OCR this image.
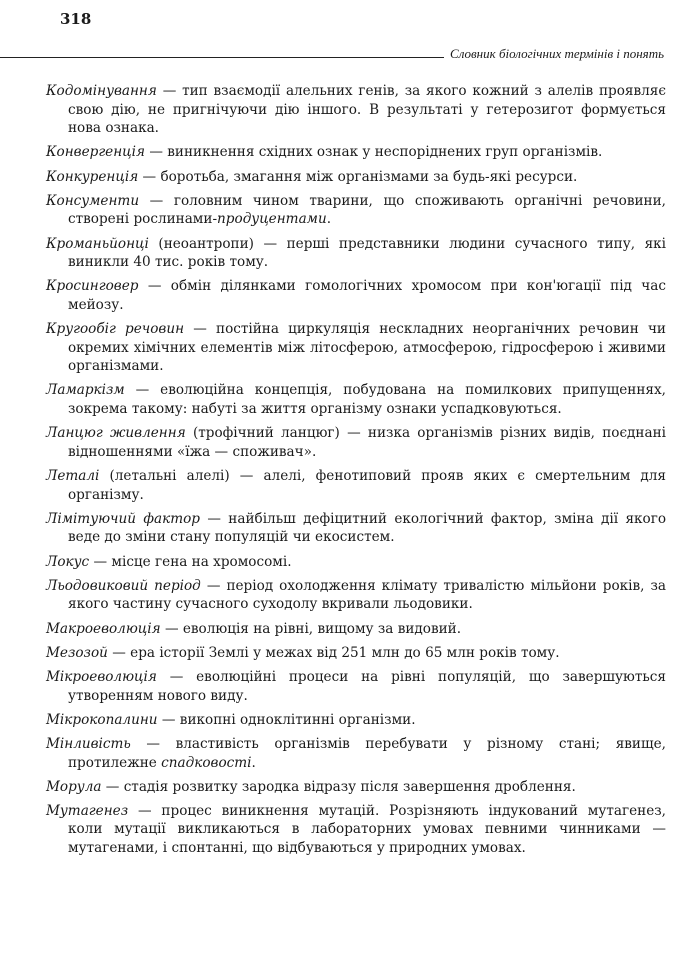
318
Словник біологічних термінів і понять

Кодомінування — тип взаємодії алельних генів, за якого кожний з алелів проявляє свою дію, не пригнічуючи дію іншого. В результаті у гетерозигот формується нова ознака.

Конвергенція — виникнення східних ознак у неспоріднених груп організмів.

Конкуренція — боротьба, змагання між організмами за будь-які ресурси.

Консументи — головним чином тварини, що споживають органічні речовини, створені рослинами-продуцентами.

Кроманьйонці (неоантропи) — перші представники людини сучасного типу, які виникли 40 тис. років тому.

Кросинговер — обмін ділянками гомологічних хромосом при кон'югації під час мейозу.

Кругообіг речовин — постійна циркуляція нескладних неорганічних речовин чи окремих хімічних елементів між літосферою, атмосферою, гідросферою і живими організмами.

Ламаркізм — еволюційна концепція, побудована на помилкових припущеннях, зокрема такому: набуті за життя організму ознаки успадковуються.

Ланцюг живлення (трофічний ланцюг) — низка організмів різних видів, поєднані відношеннями «їжа — споживач».

Леталі (летальні алелі) — алелі, фенотиповий прояв яких є смертельним для організму.

Лімітуючий фактор — найбільш дефіцитний екологічний фактор, зміна дії якого веде до зміни стану популяцій чи екосистем.

Локус — місце гена на хромосомі.

Льодовиковий період — період охолодження клімату тривалістю мільйони років, за якого частину сучасного суходолу вкривали льодовики.

Макроеволюція — еволюція на рівні, вищому за видовий.

Мезозой — ера історії Землі у межах від 251 млн до 65 млн років тому.

Мікроеволюція — еволюційні процеси на рівні популяцій, що завершуються утворенням нового виду.

Мікрокопалини — викопні одноклітинні організми.

Мінливість — властивість організмів перебувати у різному стані; явище, протилежне спадковості.

Морула — стадія розвитку зародка відразу після завершення дроблення.

Мутагенез — процес виникнення мутацій. Розрізняють індукований мутагенез, коли мутації викликаються в лабораторних умовах певними чинниками — мутагенами, і спонтанні, що відбуваються у природних умовах.
